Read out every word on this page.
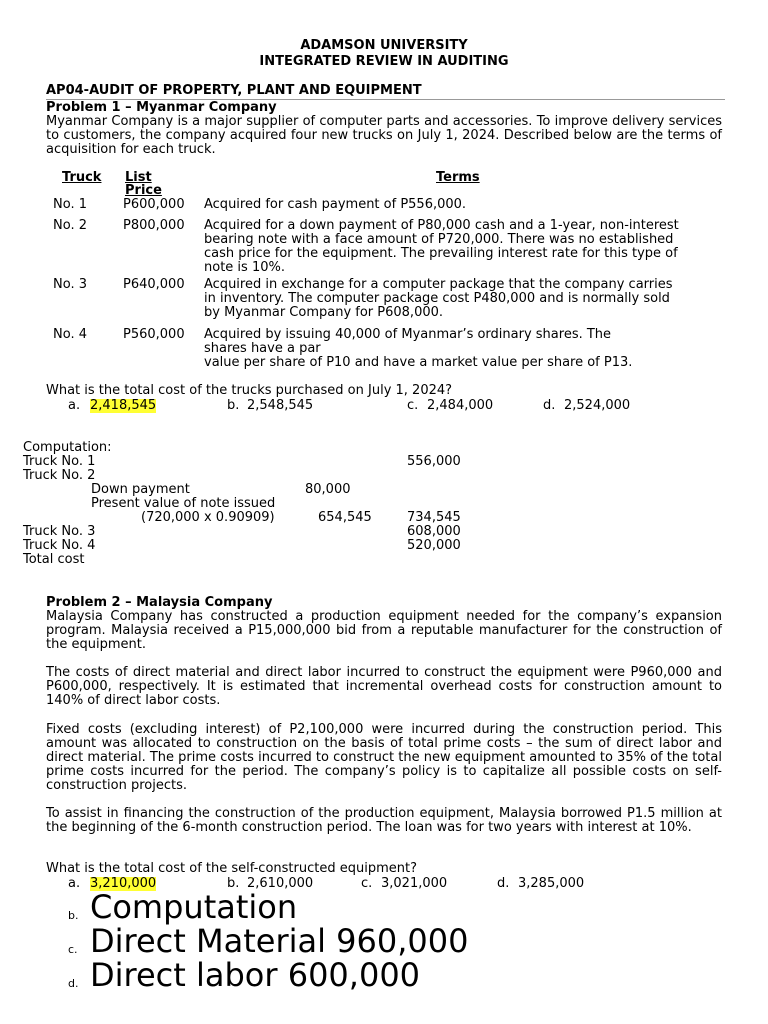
ADAMSON UNIVERSITY
INTEGRATED REVIEW IN AUDITING
AP04-AUDIT OF PROPERTY, PLANT AND EQUIPMENT
Problem 1 – Myanmar Company
Myanmar Company is a major supplier of computer parts and accessories. To improve delivery services to customers, the company acquired four new trucks on July 1, 2024. Described below are the terms of acquisition for each truck.
Truck List
Price
Terms
No. 1	P600,000 Acquired for cash payment of P556,000.
No. 2	P800,000 Acquired for a down payment of P80,000 cash and a 1-year, non-interest
bearing note with a face amount of P720,000. There was no established
cash price for the equipment. The prevailing interest rate for this type of
note is 10%.
No. 3	P640,000 Acquired in exchange for a computer package that the company carries
in inventory. The computer package cost P480,000 and is normally sold
by Myanmar Company for P608,000.
No. 4	P560,000 Acquired by issuing 40,000 of Myanmar’s ordinary shares. The
shares have a par
value per share of P10 and have a market value per share of P13.
What is the total cost of the trucks purchased on July 1, 2024?
a. 2,418,545	b. 2,548,545	c. 2,484,000	d. 2,524,000
Computation:
Truck No. 1	556,000
Truck No. 2
Down payment	80,000
Present value of note issued
(720,000 x 0.90909)	654,545	734,545
Truck No. 3	608,000
Truck No. 4	520,000
Total cost
Problem 2 – Malaysia Company
Malaysia Company has constructed a production equipment needed for the company’s expansion program. Malaysia received a P15,000,000 bid from a reputable manufacturer for the construction of the equipment.
The costs of direct material and direct labor incurred to construct the equipment were P960,000 and P600,000, respectively. It is estimated that incremental overhead costs for construction amount to 140% of direct labor costs.
Fixed costs (excluding interest) of P2,100,000 were incurred during the construction period. This amount was allocated to construction on the basis of total prime costs – the sum of direct labor and direct material. The prime costs incurred to construct the new equipment amounted to 35% of the total prime costs incurred for the period. The company’s policy is to capitalize all possible costs on self-construction projects.
To assist in financing the construction of the production equipment, Malaysia borrowed P1.5 million at the beginning of the 6-month construction period. The loan was for two years with interest at 10%.
What is the total cost of the self-constructed equipment?
a. 3,210,000	b. 2,610,000	c. 3,021,000	d. 3,285,000
b. Computation
c. Direct Material 960,000
d. Direct labor 600,000
